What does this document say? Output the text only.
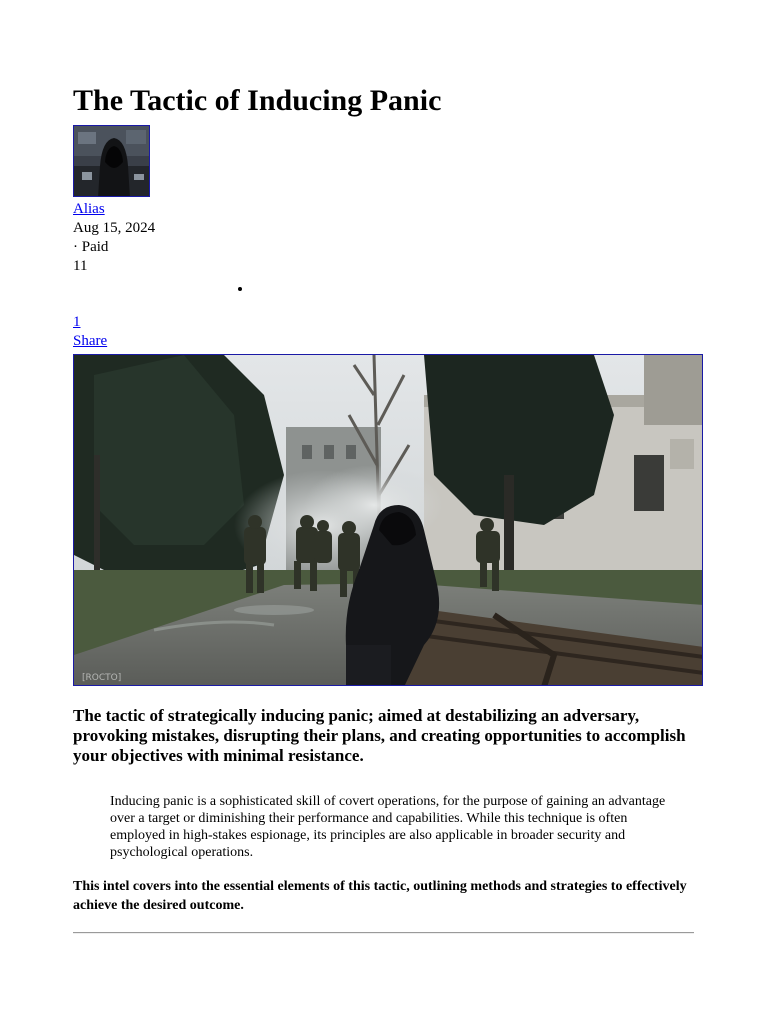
The Tactic of Inducing Panic
Alias
Aug 15, 2024
· Paid
11
1
Share
[ROCTO]
The tactic of strategically inducing panic; aimed at destabilizing an adversary, provoking mistakes, disrupting their plans, and creating opportunities to accomplish your objectives with minimal resistance.
Inducing panic is a sophisticated skill of covert operations, for the purpose of gaining an advantage over a target or diminishing their performance and capabilities. While this technique is often employed in high-stakes espionage, its principles are also applicable in broader security and psychological operations.
This intel covers into the essential elements of this tactic, outlining methods and strategies to effectively achieve the desired outcome.
